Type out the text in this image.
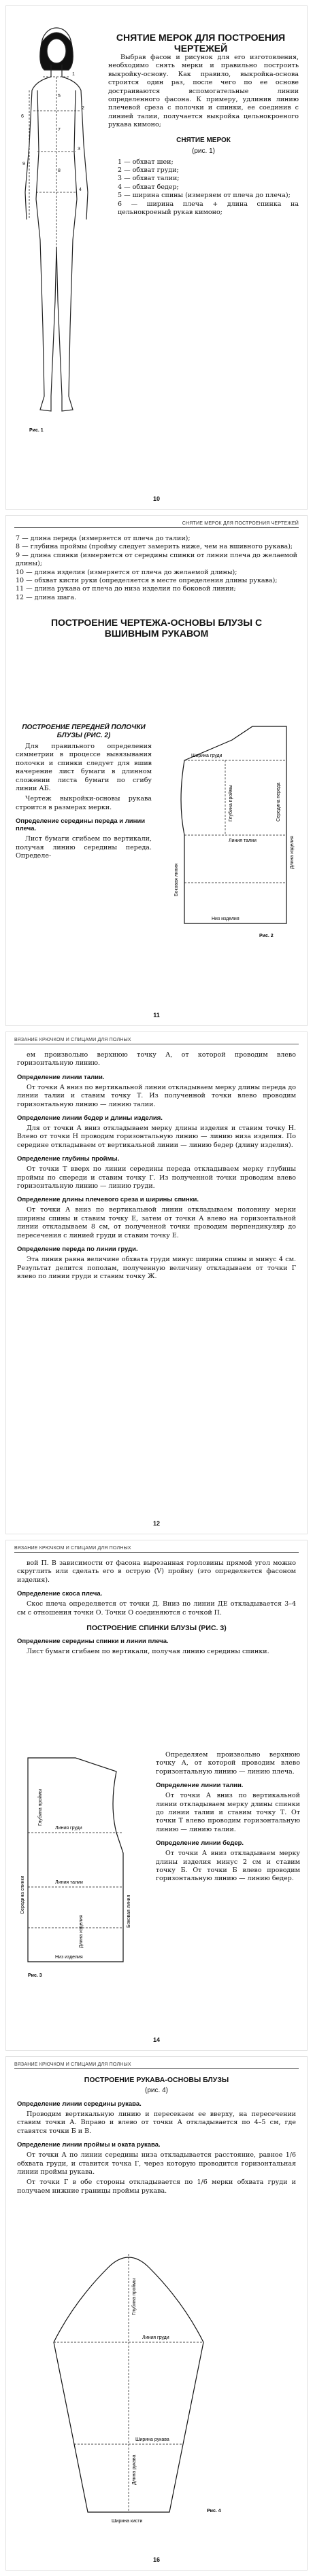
СНЯТИЕ МЕРОК ДЛЯ ПОСТРОЕНИЯ ЧЕРТЕЖЕЙ
1
2
3
4
5
6
7
8
9
Рис. 1

Выбрав фасон и рисунок для его изготовления, необходимо снять мерки и правильно построить выкройку-основу. Как правило, выкройка-основа строится один раз, после чего по ее основе достраиваются вспомогательные линии определенного фасона. К примеру, удлинив линию плечевой среза с полочки и спинки, ее соединив с линией талии, получается выкройка цельнокроеного рукава кимоно;

СНЯТИЕ МЕРОК
(рис. 1)

1 — обхват шеи;

2 — обхват груди;

3 — обхват талии;

4 — обхват бедер;

5 — ширина спины (измеряем от плеча до плеча);

6 — ширина плеча + длина спинка на цельнокроеный рукав кимоно;

10
СНЯТИЕ МЕРОК ДЛЯ ПОСТРОЕНИЯ ЧЕРТЕЖЕЙ

7 — длина переда (измеряется от плеча до талии);

8 — глубина проймы (пройму следует замерить ниже, чем на вшивного рукава);

9 — длина спинки (измеряется от середины спинки от линии плеча до желаемой длины);

10 — длина изделия (измеряется от плеча до желаемой длины);

10 — обхват кисти руки (определяется в месте определения длины рукава);

11 — длина рукава от плеча до низа изделия по боковой линии;

12 — длина шага.

ПОСТРОЕНИЕ ЧЕРТЕЖА-ОСНОВЫ БЛУЗЫ С ВШИВНЫМ РУКАВОМ
ПОСТРОЕНИЕ ПЕРЕДНЕЙ ПОЛОЧКИ БЛУЗЫ (РИС. 2)

Для правильного определения симметрии в процессе вывязывания полочки и спинки следует для вшив начерение лист бумаги в длинном сложении листа бумаги по сгибу линии АБ.

Чертеж выкройки-основы рукава строится в размерах мерки.

Определение середины переда и линии плеча.

Лист бумаги сгибаем по вертикали, получая линию середины переда. Определе-

Ширина груди
Линия талии
Низ изделия
Длина изделия
Боковая линия
Глубина проймы	Середина переда
Рис. 2
11
ВЯЗАНИЕ КРЮЧКОМ И СПИЦАМИ ДЛЯ ПОЛНЫХ

ем произвольно верхнюю точку А, от которой проводим влево горизонтальную линию.

Определение линии талии.

От точки А вниз по вертикальной линии откладываем мерку длины переда до линии талии и ставим точку Т. Из полученной точки влево проводим горизонтальную линию — линию талии.

Определение линии бедер и длины изделия.

Для от точки А вниз откладываем мерку длины изделия и ставим точку Н. Влево от точки Н проводим горизонтальную линию — линию низа изделия. По середине откладываем от вертикальной линии — линию бедер (длину изделия).

Определение глубины проймы.

От точки Т вверх по линии середины переда откладываем мерку глубины проймы по спереди и ставим точку Г. Из полученной точки проводим влево горизонтальную линию — линию груди.

Определение длины плечевого среза и ширины спинки.

От точки А вниз по вертикальной линии откладываем половину мерки ширины спины и ставим точку Е, затем от точки А влево на горизонтальной линии откладываем 8 см, от полученной точки проводим перпендикуляр до пересечения с линией груди и ставим точку Е.

Определение переда по линии груди.

Эта линия равна величине обхвата груди минус ширина спины и минус 4 см. Результат делится пополам, полученную величину откладываем от точки Г влево по линии груди и ставим точку Ж.

12
ВЯЗАНИЕ КРЮЧКОМ И СПИЦАМИ ДЛЯ ПОЛНЫХ

вой П. В зависимости от фасона вырезанная горловины прямой угол можно скруглить или сделать его в острую (V) пройму (это определяется фасоном изделия).

Определение скоса плеча.

Скос плеча определяется от точки Д. Вниз по линии ДЕ откладывается 3–4 см с отношения точки О. Точки О соединяются с точкой П.

ПОСТРОЕНИЕ СПИНКИ БЛУЗЫ (РИС. 3)
Определение середины спинки и линии плеча.

Лист бумаги сгибаем по вертикали, получая линию середины спинки.

Линия груди
Линия талии
Низ изделия
Середина спинки	Боковая линия
Глубина проймы
Длина изделия
Рис. 3

Определяем произвольно верхнюю точку А, от которой проводим влево горизонтальную линию — линию плеча.

Определение линии талии.

От точки А вниз по вертикальной линии откладываем мерку длины спинки до линии талии и ставим точку Т. От точки Т влево проводим горизонтальную линию — линию талии.

Определение линии бедер.

От точки А вниз откладываем мерку длины изделия минус 2 см и ставим точку Б. От точки Б влево проводим горизонтальную линию — линию бедер.

14
ВЯЗАНИЕ КРЮЧКОМ И СПИЦАМИ ДЛЯ ПОЛНЫХ
ПОСТРОЕНИЕ РУКАВА-ОСНОВЫ БЛУЗЫ
(рис. 4)
Определение линии середины рукава.

Проводим вертикальную линию и пересекаем ее вверху, на пересечении ставим точки А. Вправо и влево от точки А откладывается по 4–5 см, где ставятся точки Б и В.

Определение линии проймы и оката рукава.

От точки А по линии середины низа откладывается расстояние, равное 1/6 обхвата груди, и ставится точка Г, через которую проводится горизонтальная линии проймы рукава.

От точки Г в обе стороны откладывается по 1/6 мерки обхвата груди и получаем нижние границы проймы рукава.

Глубина проймы
Линия груди
Длина рукава
Ширина рукава
Ширина кисти
Рис. 4
16
